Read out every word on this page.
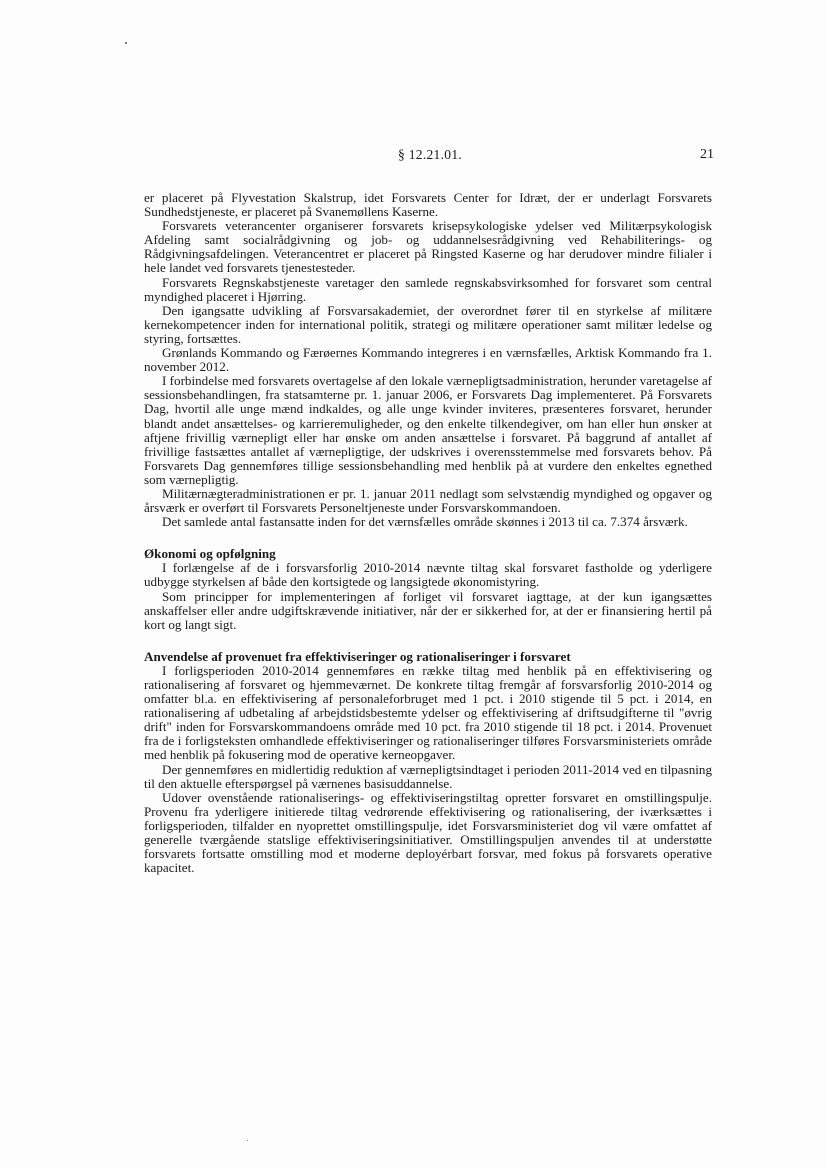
§ 12.21.01.	21

er placeret på Flyvestation Skalstrup, idet Forsvarets Center for Idræt, der er underlagt Forsvarets Sundhedstjeneste, er placeret på Svanemøllens Kaserne.

Forsvarets veterancenter organiserer forsvarets krisepsykologiske ydelser ved Militærpsykologisk Afdeling samt socialrådgivning og job- og uddannelsesrådgivning ved Rehabiliterings- og Rådgivningsafdelingen. Veterancentret er placeret på Ringsted Kaserne og har derudover mindre filialer i hele landet ved forsvarets tjenestesteder.

Forsvarets Regnskabstjeneste varetager den samlede regnskabsvirksomhed for forsvaret som central myndighed placeret i Hjørring.

Den igangsatte udvikling af Forsvarsakademiet, der overordnet fører til en styrkelse af militære kernekompetencer inden for international politik, strategi og militære operationer samt militær ledelse og styring, fortsættes.

Grønlands Kommando og Færøernes Kommando integreres i en værnsfælles, Arktisk Kommando fra 1. november 2012.

I forbindelse med forsvarets overtagelse af den lokale værnepligtsadministration, herunder varetagelse af sessionsbehandlingen, fra statsamterne pr. 1. januar 2006, er Forsvarets Dag implementeret. På Forsvarets Dag, hvortil alle unge mænd indkaldes, og alle unge kvinder inviteres, præsenteres forsvaret, herunder blandt andet ansættelses- og karrieremuligheder, og den enkelte tilkendegiver, om han eller hun ønsker at aftjene frivillig værnepligt eller har ønske om anden ansættelse i forsvaret. På baggrund af antallet af frivillige fastsættes antallet af værnepligtige, der udskrives i overensstemmelse med forsvarets behov. På Forsvarets Dag gennemføres tillige sessionsbehandling med henblik på at vurdere den enkeltes egnethed som værnepligtig.

Militærnægteradministrationen er pr. 1. januar 2011 nedlagt som selvstændig myndighed og opgaver og årsværk er overført til Forsvarets Personeltjeneste under Forsvarskommandoen.

Det samlede antal fastansatte inden for det værnsfælles område skønnes i 2013 til ca. 7.374 årsværk.

Økonomi og opfølgning

I forlængelse af de i forsvarsforlig 2010-2014 nævnte tiltag skal forsvaret fastholde og yderligere udbygge styrkelsen af både den kortsigtede og langsigtede økonomistyring.

Som principper for implementeringen af forliget vil forsvaret iagttage, at der kun igangsættes anskaffelser eller andre udgiftskrævende initiativer, når der er sikkerhed for, at der er finansiering hertil på kort og langt sigt.

Anvendelse af provenuet fra effektiviseringer og rationaliseringer i forsvaret

I forligsperioden 2010-2014 gennemføres en række tiltag med henblik på en effektivisering og rationalisering af forsvaret og hjemmeværnet. De konkrete tiltag fremgår af forsvarsforlig 2010-2014 og omfatter bl.a. en effektivisering af personaleforbruget med 1 pct. i 2010 stigende til 5 pct. i 2014, en rationalisering af udbetaling af arbejdstidsbestemte ydelser og effektivisering af driftsudgifterne til "øvrig drift" inden for Forsvarskommandoens område med 10 pct. fra 2010 stigende til 18 pct. i 2014. Provenuet fra de i forligsteksten omhandlede effektiviseringer og rationaliseringer tilføres Forsvarsministeriets område med henblik på fokusering mod de operative kerneopgaver.

Der gennemføres en midlertidig reduktion af værnepligtsindtaget i perioden 2011-2014 ved en tilpasning til den aktuelle efterspørgsel på værnenes basisuddannelse.

Udover ovenstående rationaliserings- og effektiviseringstiltag opretter forsvaret en omstillingspulje. Provenu fra yderligere initierede tiltag vedrørende effektivisering og rationalisering, der iværksættes i forligsperioden, tilfalder en nyoprettet omstillingspulje, idet Forsvarsministeriet dog vil være omfattet af generelle tværgående statslige effektiviseringsinitiativer. Omstillingspuljen anvendes til at understøtte forsvarets fortsatte omstilling mod et moderne deployérbart forsvar, med fokus på forsvarets operative kapacitet.
